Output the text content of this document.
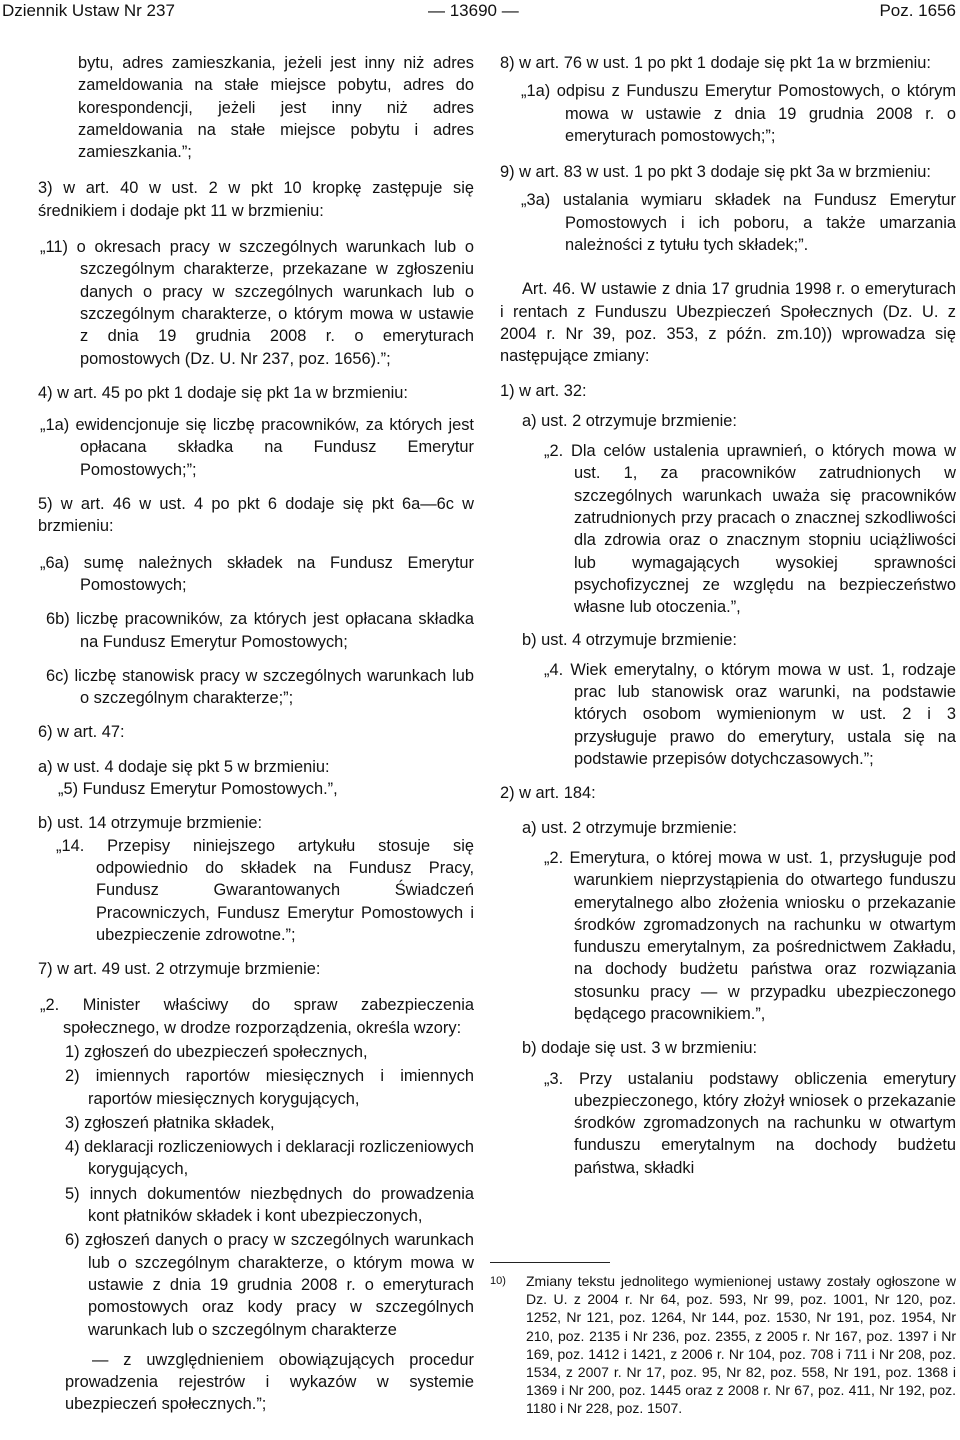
Dziennik Ustaw Nr 237	— 13690 —	Poz. 1656

bytu, adres zamieszkania, jeżeli jest inny niż adres zameldowania na stałe miejsce pobytu, adres do korespondencji, jeżeli jest inny niż adres zameldowania na stałe miejsce pobytu i adres zamieszkania.”;

3) w art. 40 w ust. 2 w pkt 10 kropkę zastępuje się średnikiem i dodaje pkt 11 w brzmieniu:

„11) o okresach pracy w szczególnych warunkach lub o szczególnym charakterze, przekazane w zgłoszeniu danych o pracy w szczególnych warunkach lub o szczególnym charakterze, o którym mowa w ustawie z dnia 19 grudnia 2008 r. o emeryturach pomostowych (Dz. U. Nr 237, poz. 1656).”;

4) w art. 45 po pkt 1 dodaje się pkt 1a w brzmieniu:

„1a) ewidencjonuje się liczbę pracowników, za których jest opłacana składka na Fundusz Emerytur Pomostowych;”;

5) w art. 46 w ust. 4 po pkt 6 dodaje się pkt 6a—6c w brzmieniu:

„6a) sumę należnych składek na Fundusz Emerytur Pomostowych;

6b) liczbę pracowników, za których jest opłacana składka na Fundusz Emerytur Pomostowych;

6c) liczbę stanowisk pracy w szczególnych warunkach lub o szczególnym charakterze;”;

6) w art. 47:

a) w ust. 4 dodaje się pkt 5 w brzmieniu:

„5) Fundusz Emerytur Pomostowych.”,

b) ust. 14 otrzymuje brzmienie:

„14. Przepisy niniejszego artykułu stosuje się odpowiednio do składek na Fundusz Pracy, Fundusz Gwarantowanych Świadczeń Pracowniczych, Fundusz Emerytur Pomostowych i ubezpieczenie zdrowotne.”;

7) w art. 49 ust. 2 otrzymuje brzmienie:

„2. Minister właściwy do spraw zabezpieczenia społecznego, w drodze rozporządzenia, określa wzory:

1) zgłoszeń do ubezpieczeń społecznych,

2) imiennych raportów miesięcznych i imiennych raportów miesięcznych korygujących,

3) zgłoszeń płatnika składek,

4) deklaracji rozliczeniowych i deklaracji rozliczeniowych korygujących,

5) innych dokumentów niezbędnych do prowadzenia kont płatników składek i kont ubezpieczonych,

6) zgłoszeń danych o pracy w szczególnych warunkach lub o szczególnym charakterze, o którym mowa w ustawie z dnia 19 grudnia 2008 r. o emeryturach pomostowych oraz kody pracy w szczególnych warunkach lub o szczególnym charakterze

— z uwzględnieniem obowiązujących procedur prowadzenia rejestrów i wykazów w systemie ubezpieczeń społecznych.”;

8) w art. 76 w ust. 1 po pkt 1 dodaje się pkt 1a w brzmieniu:

„1a) odpisu z Funduszu Emerytur Pomostowych, o którym mowa w ustawie z dnia 19 grudnia 2008 r. o emeryturach pomostowych;”;

9) w art. 83 w ust. 1 po pkt 3 dodaje się pkt 3a w brzmieniu:

„3a) ustalania wymiaru składek na Fundusz Emerytur Pomostowych i ich poboru, a także umarzania należności z tytułu tych składek;”.

Art. 46. W ustawie z dnia 17 grudnia 1998 r. o emeryturach i rentach z Funduszu Ubezpieczeń Społecznych (Dz. U. z 2004 r. Nr 39, poz. 353, z późn. zm.10)) wprowadza się następujące zmiany:

1) w art. 32:

a) ust. 2 otrzymuje brzmienie:

„2. Dla celów ustalenia uprawnień, o których mowa w ust. 1, za pracowników zatrudnionych w szczególnych warunkach uważa się pracowników zatrudnionych przy pracach o znacznej szkodliwości dla zdrowia oraz o znacznym stopniu uciążliwości lub wymagających wysokiej sprawności psychofizycznej ze względu na bezpieczeństwo własne lub otoczenia.”,

b) ust. 4 otrzymuje brzmienie:

„4. Wiek emerytalny, o którym mowa w ust. 1, rodzaje prac lub stanowisk oraz warunki, na podstawie których osobom wymienionym w ust. 2 i 3 przysługuje prawo do emerytury, ustala się na podstawie przepisów dotychczasowych.”;

2) w art. 184:

a) ust. 2 otrzymuje brzmienie:

„2. Emerytura, o której mowa w ust. 1, przysługuje pod warunkiem nieprzystąpienia do otwartego funduszu emerytalnego albo złożenia wniosku o przekazanie środków zgromadzonych na rachunku w otwartym funduszu emerytalnym, za pośrednictwem Zakładu, na dochody budżetu państwa oraz rozwiązania stosunku pracy — w przypadku ubezpieczonego będącego pracownikiem.”,

b) dodaje się ust. 3 w brzmieniu:

„3. Przy ustalaniu podstawy obliczenia emerytury ubezpieczonego, który złożył wniosek o przekazanie środków zgromadzonych na rachunku w otwartym funduszu emerytalnym na dochody budżetu państwa, składki

10) Zmiany tekstu jednolitego wymienionej ustawy zostały ogłoszone w Dz. U. z 2004 r. Nr 64, poz. 593, Nr 99, poz. 1001, Nr 120, poz. 1252, Nr 121, poz. 1264, Nr 144, poz. 1530, Nr 191, poz. 1954, Nr 210, poz. 2135 i Nr 236, poz. 2355, z 2005 r. Nr 167, poz. 1397 i Nr 169, poz. 1412 i 1421, z 2006 r. Nr 104, poz. 708 i 711 i Nr 208, poz. 1534, z 2007 r. Nr 17, poz. 95, Nr 82, poz. 558, Nr 191, poz. 1368 i 1369 i Nr 200, poz. 1445 oraz z 2008 r. Nr 67, poz. 411, Nr 192, poz. 1180 i Nr 228, poz. 1507.
